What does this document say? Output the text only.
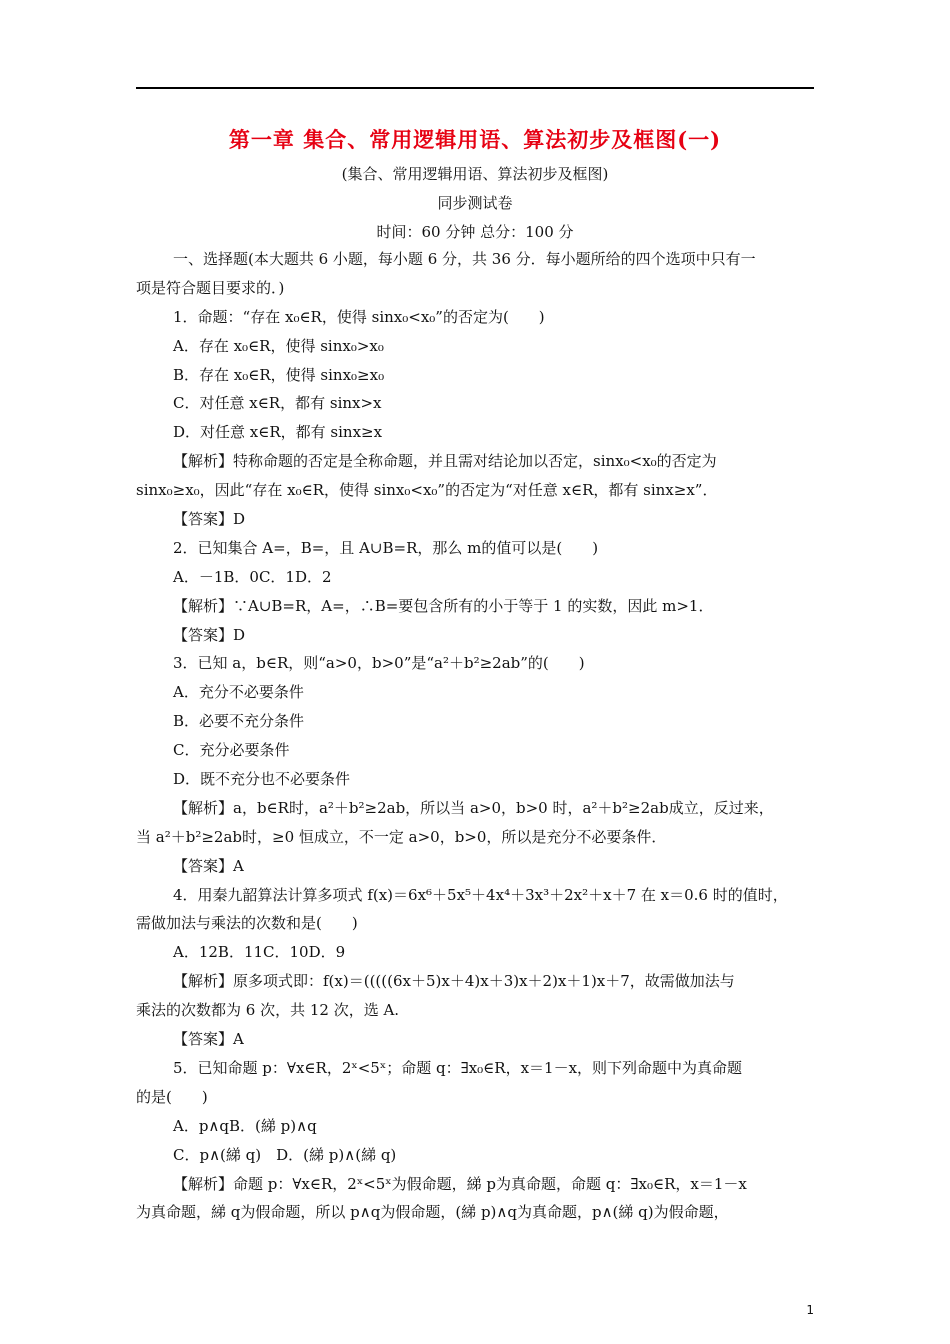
第一章 集合、常用逻辑用语、算法初步及框图(一)
(集合、常用逻辑用语、算法初步及框图)
同步测试卷
时间：60 分钟 总分：100 分
一、选择题(本大题共 6 小题，每小题 6 分，共 36 分．每小题所给的四个选项中只有一
项是符合题目要求的．)
1．命题：“存在 x₀∈R，使得 sinx₀<x₀”的否定为(　　)
A．存在 x₀∈R，使得 sinx₀>x₀
B．存在 x₀∈R，使得 sinx₀≥x₀
C．对任意 x∈R，都有 sinx>x
D．对任意 x∈R，都有 sinx≥x
【解析】特称命题的否定是全称命题，并且需对结论加以否定，sinx₀<x₀的否定为
sinx₀≥x₀，因此“存在 x₀∈R，使得 sinx₀<x₀”的否定为“对任意 x∈R，都有 sinx≥x”．
【答案】D
2．已知集合 A=，B=，且 A∪B=R，那么 m的值可以是(　　)
A．－1B．0C．1D．2
【解析】∵A∪B=R，A=，∴B=要包含所有的小于等于 1 的实数，因此 m>1．
【答案】D
3．已知 a，b∈R，则“a>0，b>0”是“a²＋b²≥2ab”的(　　)
A．充分不必要条件
B．必要不充分条件
C．充分必要条件
D．既不充分也不必要条件
【解析】a，b∈R时，a²＋b²≥2ab，所以当 a>0，b>0 时，a²＋b²≥2ab成立，反过来，
当 a²＋b²≥2ab时，≥0 恒成立，不一定 a>0，b>0，所以是充分不必要条件．
【答案】A
4．用秦九韶算法计算多项式 f(x)＝6x⁶＋5x⁵＋4x⁴＋3x³＋2x²＋x＋7 在 x＝0.6 时的值时，
需做加法与乘法的次数和是(　　)
A．12B．11C．10D．9
【解析】原多项式即：f(x)＝(((((6x＋5)x＋4)x＋3)x＋2)x＋1)x＋7，故需做加法与
乘法的次数都为 6 次，共 12 次，选 A.
【答案】A
5．已知命题 p：∀x∈R，2ˣ<5ˣ；命题 q：∃x₀∈R，x＝1－x，则下列命题中为真命题
的是(　　)
A．p∧qB．(綈 p)∧q
C．p∧(綈 q)　D．(綈 p)∧(綈 q)
【解析】命题 p：∀x∈R，2ˣ<5ˣ为假命题，綈 p为真命题，命题 q：∃x₀∈R，x＝1－x
为真命题，綈 q为假命题，所以 p∧q为假命题，(綈 p)∧q为真命题，p∧(綈 q)为假命题，
1
